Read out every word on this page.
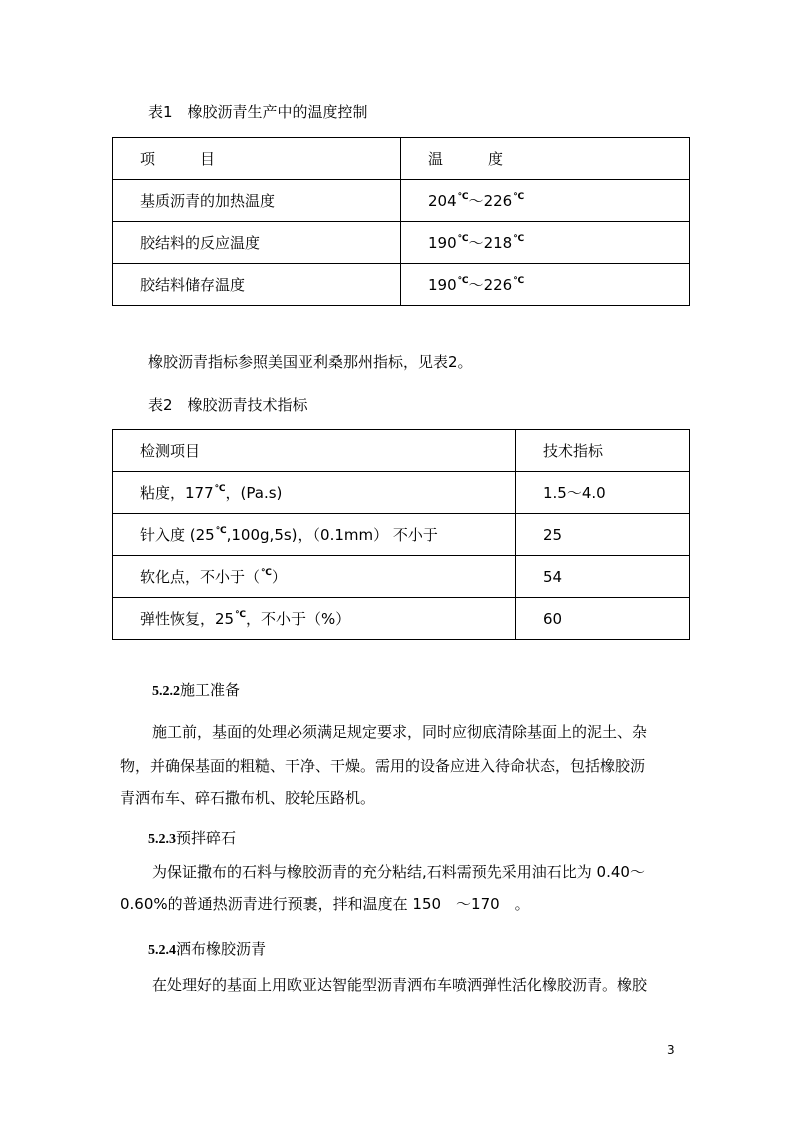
表1　橡胶沥青生产中的温度控制
项　　　目	温　　　度
基质沥青的加热温度	204℃～226℃
胶结料的反应温度	190℃～218℃
胶结料储存温度	190℃～226℃
橡胶沥青指标参照美国亚利桑那州指标，见表2。
表2　橡胶沥青技术指标
检测项目	技术指标
粘度，177℃，(Pa.s)	1.5～4.0
针入度 (25℃,100g,5s)，（0.1mm） 不小于	25
软化点，不小于（℃）	54
弹性恢复，25℃，不小于（%）	60
5.2.2施工准备
施工前，基面的处理必须满足规定要求，同时应彻底清除基面上的泥土、杂
物，并确保基面的粗糙、干净、干燥。需用的设备应进入待命状态，包括橡胶沥
青洒布车、碎石撒布机、胶轮压路机。
5.2.3预拌碎石
为保证撒布的石料与橡胶沥青的充分粘结,石料需预先采用油石比为 0.40～
0.60%的普通热沥青进行预裹，拌和温度在 150　～170　。
5.2.4洒布橡胶沥青
在处理好的基面上用欧亚达智能型沥青洒布车喷洒弹性活化橡胶沥青。橡胶
3
